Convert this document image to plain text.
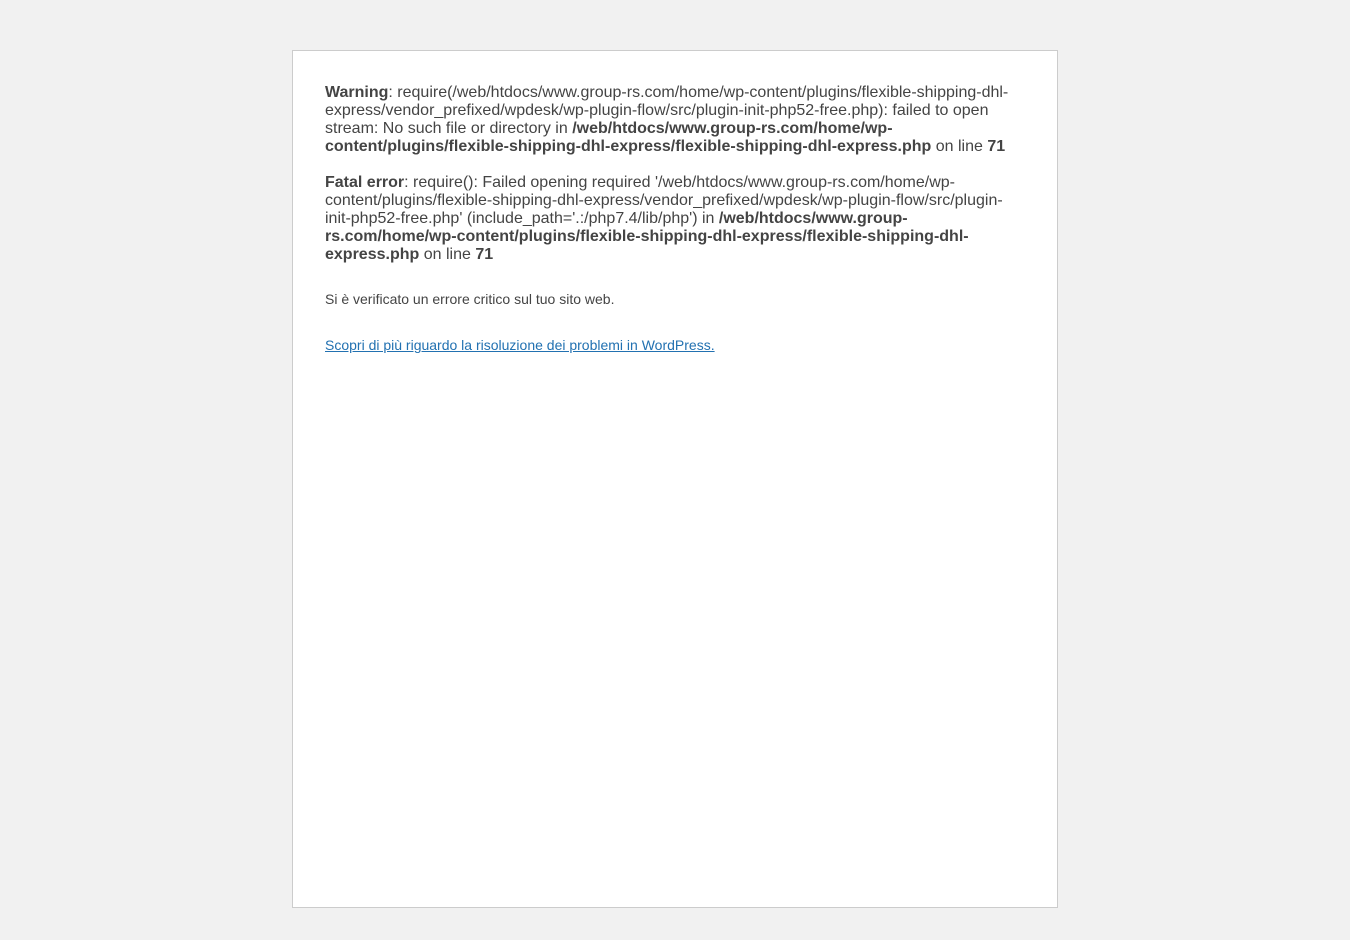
Warning: require(/web/htdocs/www.group-rs.com/home/wp-content/plugins/flexible-shipping-dhl-express/vendor_prefixed/wpdesk/wp-plugin-flow/src/plugin-init-php52-free.php): failed to open stream: No such file or directory in /web/htdocs/www.group-rs.com/home/wp-content/plugins/flexible-shipping-dhl-express/flexible-shipping-dhl-express.php on line 71
Fatal error: require(): Failed opening required '/web/htdocs/www.group-rs.com/home/wp-content/plugins/flexible-shipping-dhl-express/vendor_prefixed/wpdesk/wp-plugin-flow/src/plugin-init-php52-free.php' (include_path='.:/php7.4/lib/php') in /web/htdocs/www.group-rs.com/home/wp-content/plugins/flexible-shipping-dhl-express/flexible-shipping-dhl-express.php on line 71

Si è verificato un errore critico sul tuo sito web.

Scopri di più riguardo la risoluzione dei problemi in WordPress.
